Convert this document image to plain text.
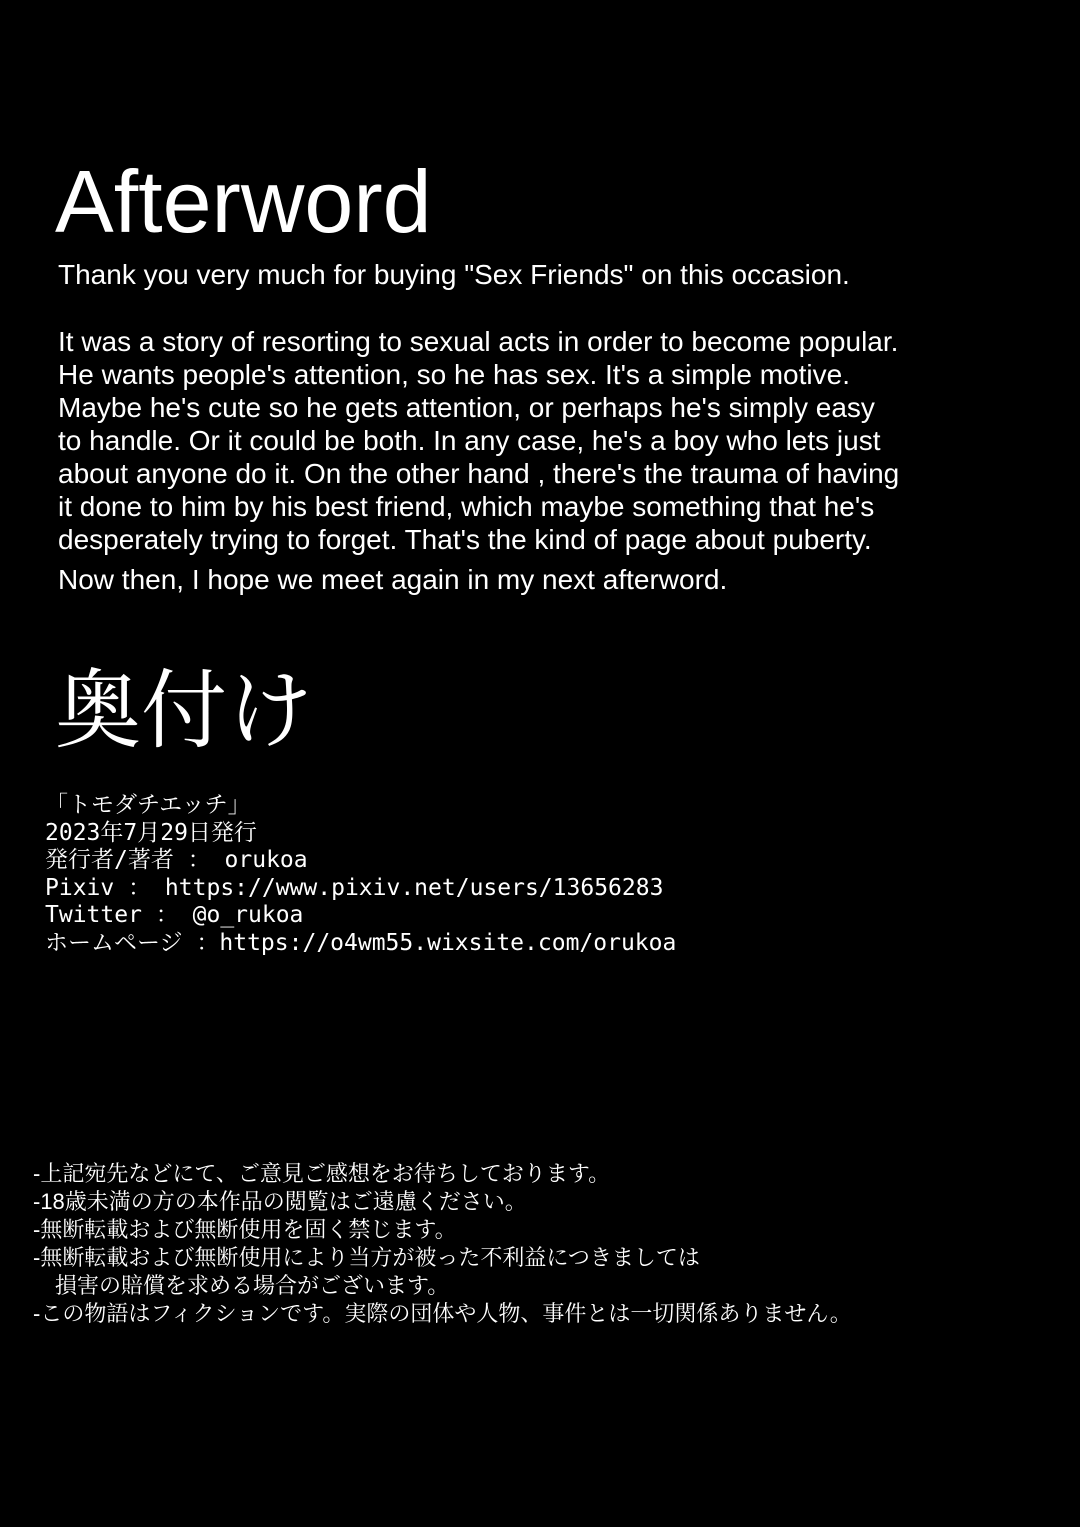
Afterword

Thank you very much for buying "Sex Friends" on this occasion.

It was a story of resorting to sexual acts in order to become popular.
He wants people's attention, so he has sex. It's a simple motive.
Maybe he's cute so he gets attention, or perhaps he's simply easy
to handle. Or it could be both. In any case, he's a boy who lets just
about anyone do it. On the other hand , there's the trauma of having
it done to him by his best friend, which maybe something that he's
desperately trying to forget. That's the kind of page about puberty.

Now then, I hope we meet again in my next afterword.

奥付け
「トモダチエッチ」
2023年7月29日発行
発行者/著者 ： orukoa
Pixiv ： https://www.pixiv.net/users/13656283
Twitter ： @o_rukoa
ホームページ ：https://o4wm55.wixsite.com/orukoa
-上記宛先などにて、ご意見ご感想をお待ちしております。
-18歳未満の方の本作品の閲覧はご遠慮ください。
-無断転載および無断使用を固く禁じます。
-無断転載および無断使用により当方が被った不利益につきましては
　損害の賠償を求める場合がございます。
-この物語はフィクションです。実際の団体や人物、事件とは一切関係ありません。
